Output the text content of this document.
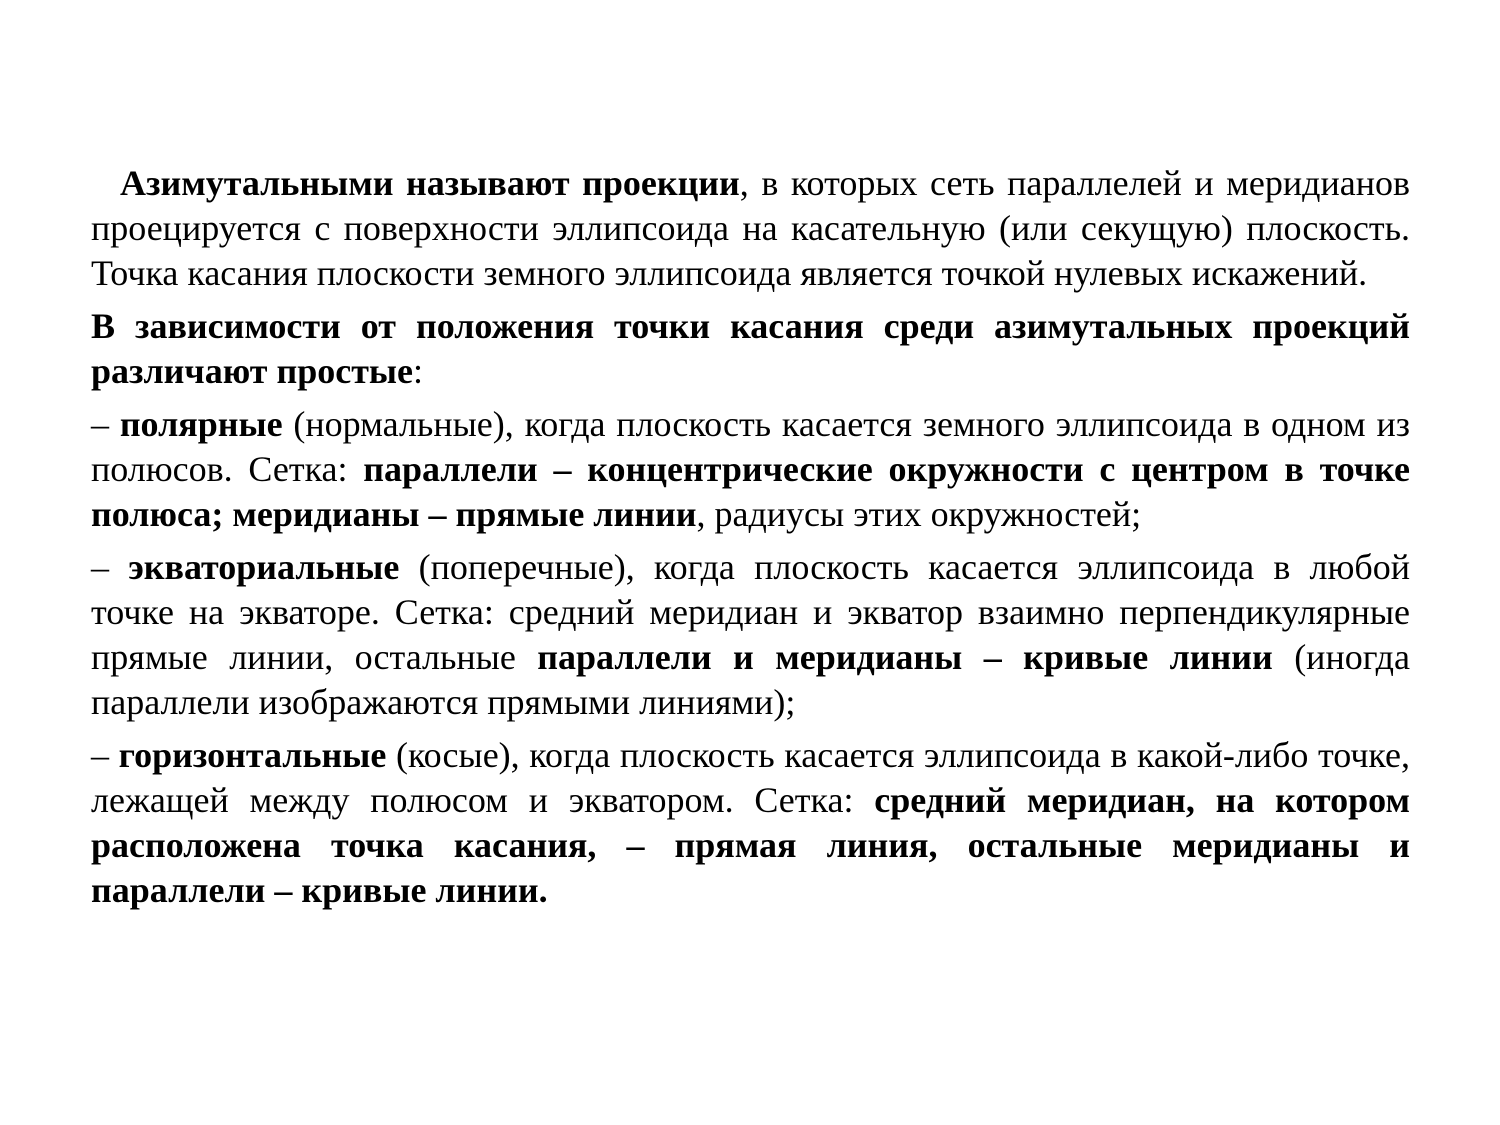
Азимутальными называют проекции, в которых сеть параллелей и меридианов проецируется с поверхности эллипсоида на касательную (или секущую) плоскость. Точка касания плоскости земного эллипсоида является точкой нулевых искажений.

В зависимости от положения точки касания среди азимутальных проекций различают простые:

– полярные (нормальные), когда плоскость касается земного эллипсоида в одном из полюсов. Сетка: параллели – концентрические окружности с центром в точке полюса; меридианы – прямые линии, радиусы этих окружностей;

– экваториальные (поперечные), когда плоскость касается эллипсоида в любой точке на экваторе. Сетка: средний меридиан и экватор взаимно перпендикулярные прямые линии, остальные параллели и меридианы – кривые линии (иногда параллели изображаются прямыми линиями);

– горизонтальные (косые), когда плоскость касается эллипсоида в какой-либо точке, лежащей между полюсом и экватором. Сетка: средний меридиан, на котором расположена точка касания, – прямая линия, остальные меридианы и параллели – кривые линии.
